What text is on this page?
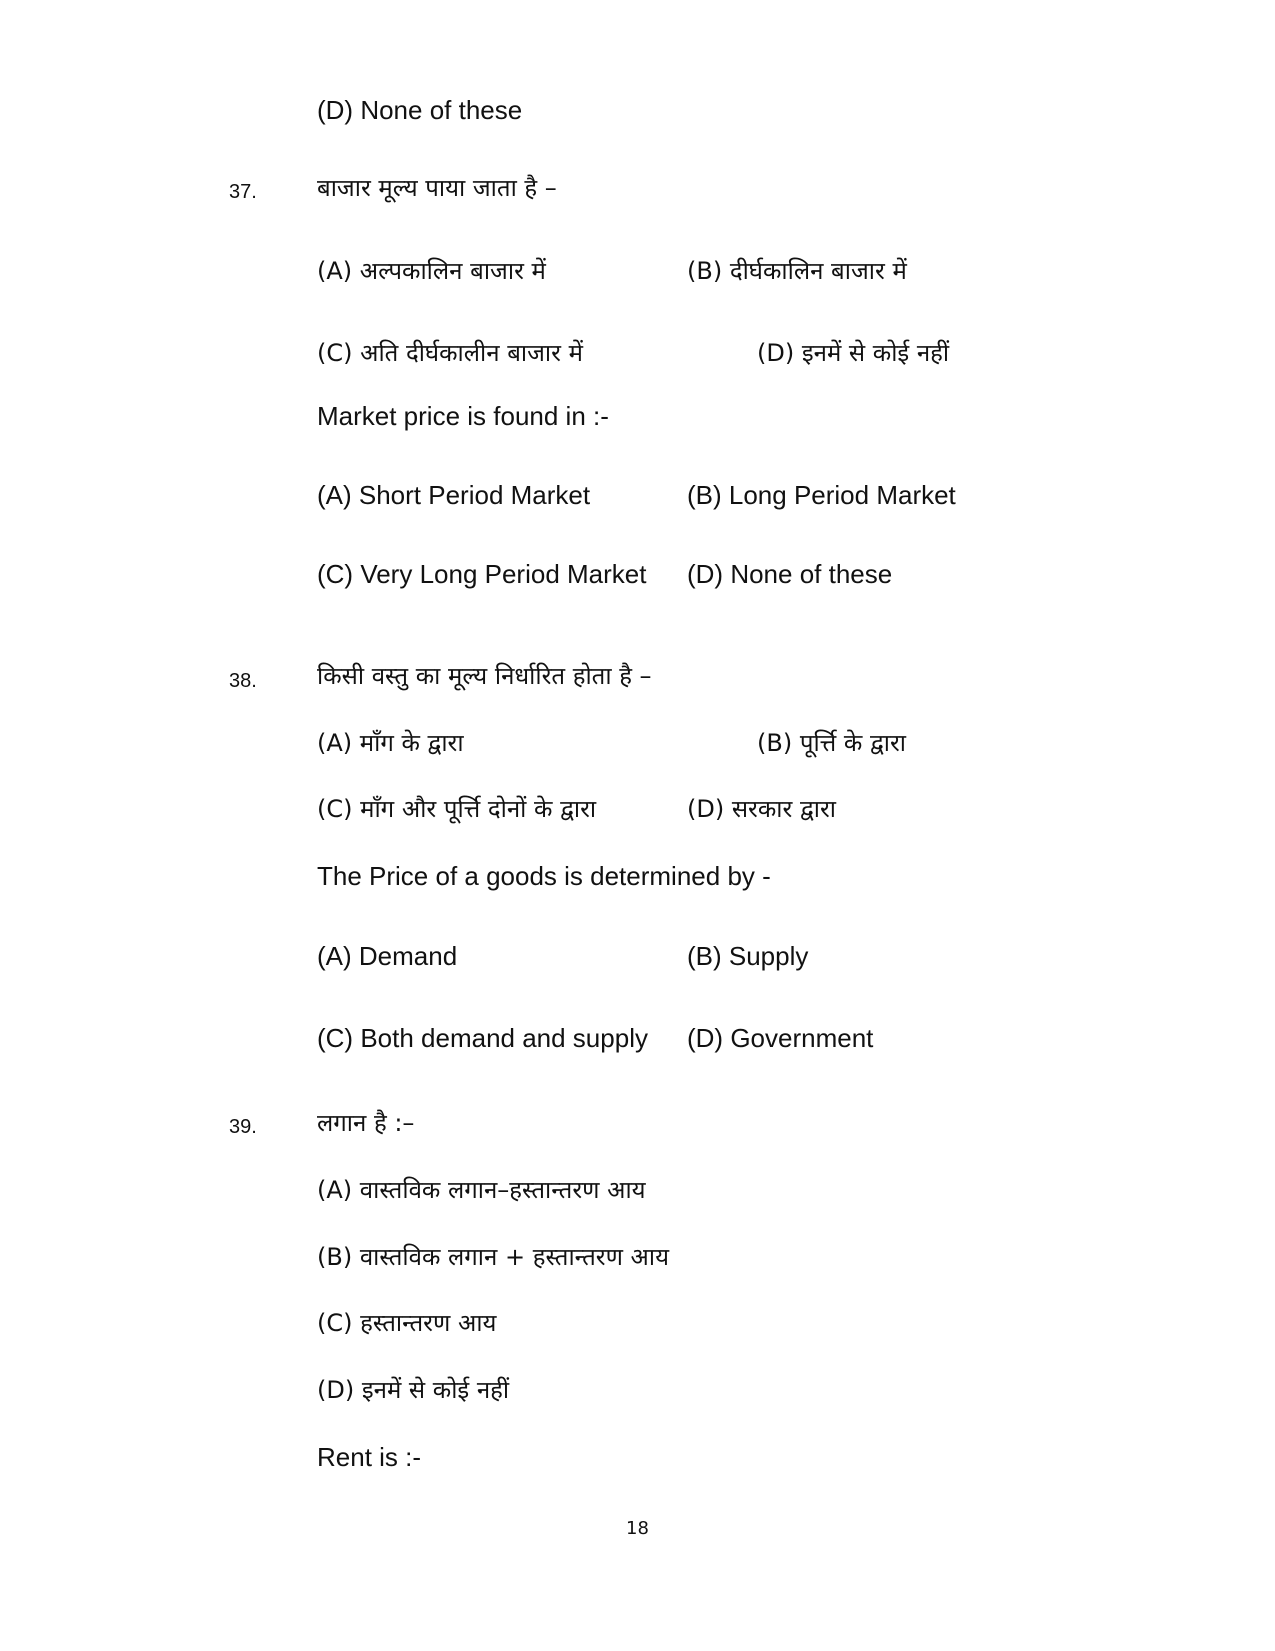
(D) None of these
37.	बाजार मूल्य पाया जाता है –
(A) अल्पकालिन बाजार में	(B) दीर्घकालिन बाजार में
(C) अति दीर्घकालीन बाजार में	(D) इनमें से कोई नहीं
Market price is found in :-
(A) Short Period Market	(B) Long Period Market
(C) Very Long Period Market (D) None of these
38.	किसी वस्तु का मूल्य निर्धारित होता है –
(A) माँग के द्वारा	(B) पूर्त्ति के द्वारा
(C) माँग और पूर्त्ति दोनों के द्वारा	(D) सरकार द्वारा
The Price of a goods is determined by -
(A) Demand	(B) Supply
(C) Both demand and supply (D) Government
39.	लगान है :–
(A) वास्तविक लगान–हस्तान्तरण आय
(B) वास्तविक लगान + हस्तान्तरण आय
(C) हस्तान्तरण आय
(D) इनमें से कोई नहीं
Rent is :-
18
